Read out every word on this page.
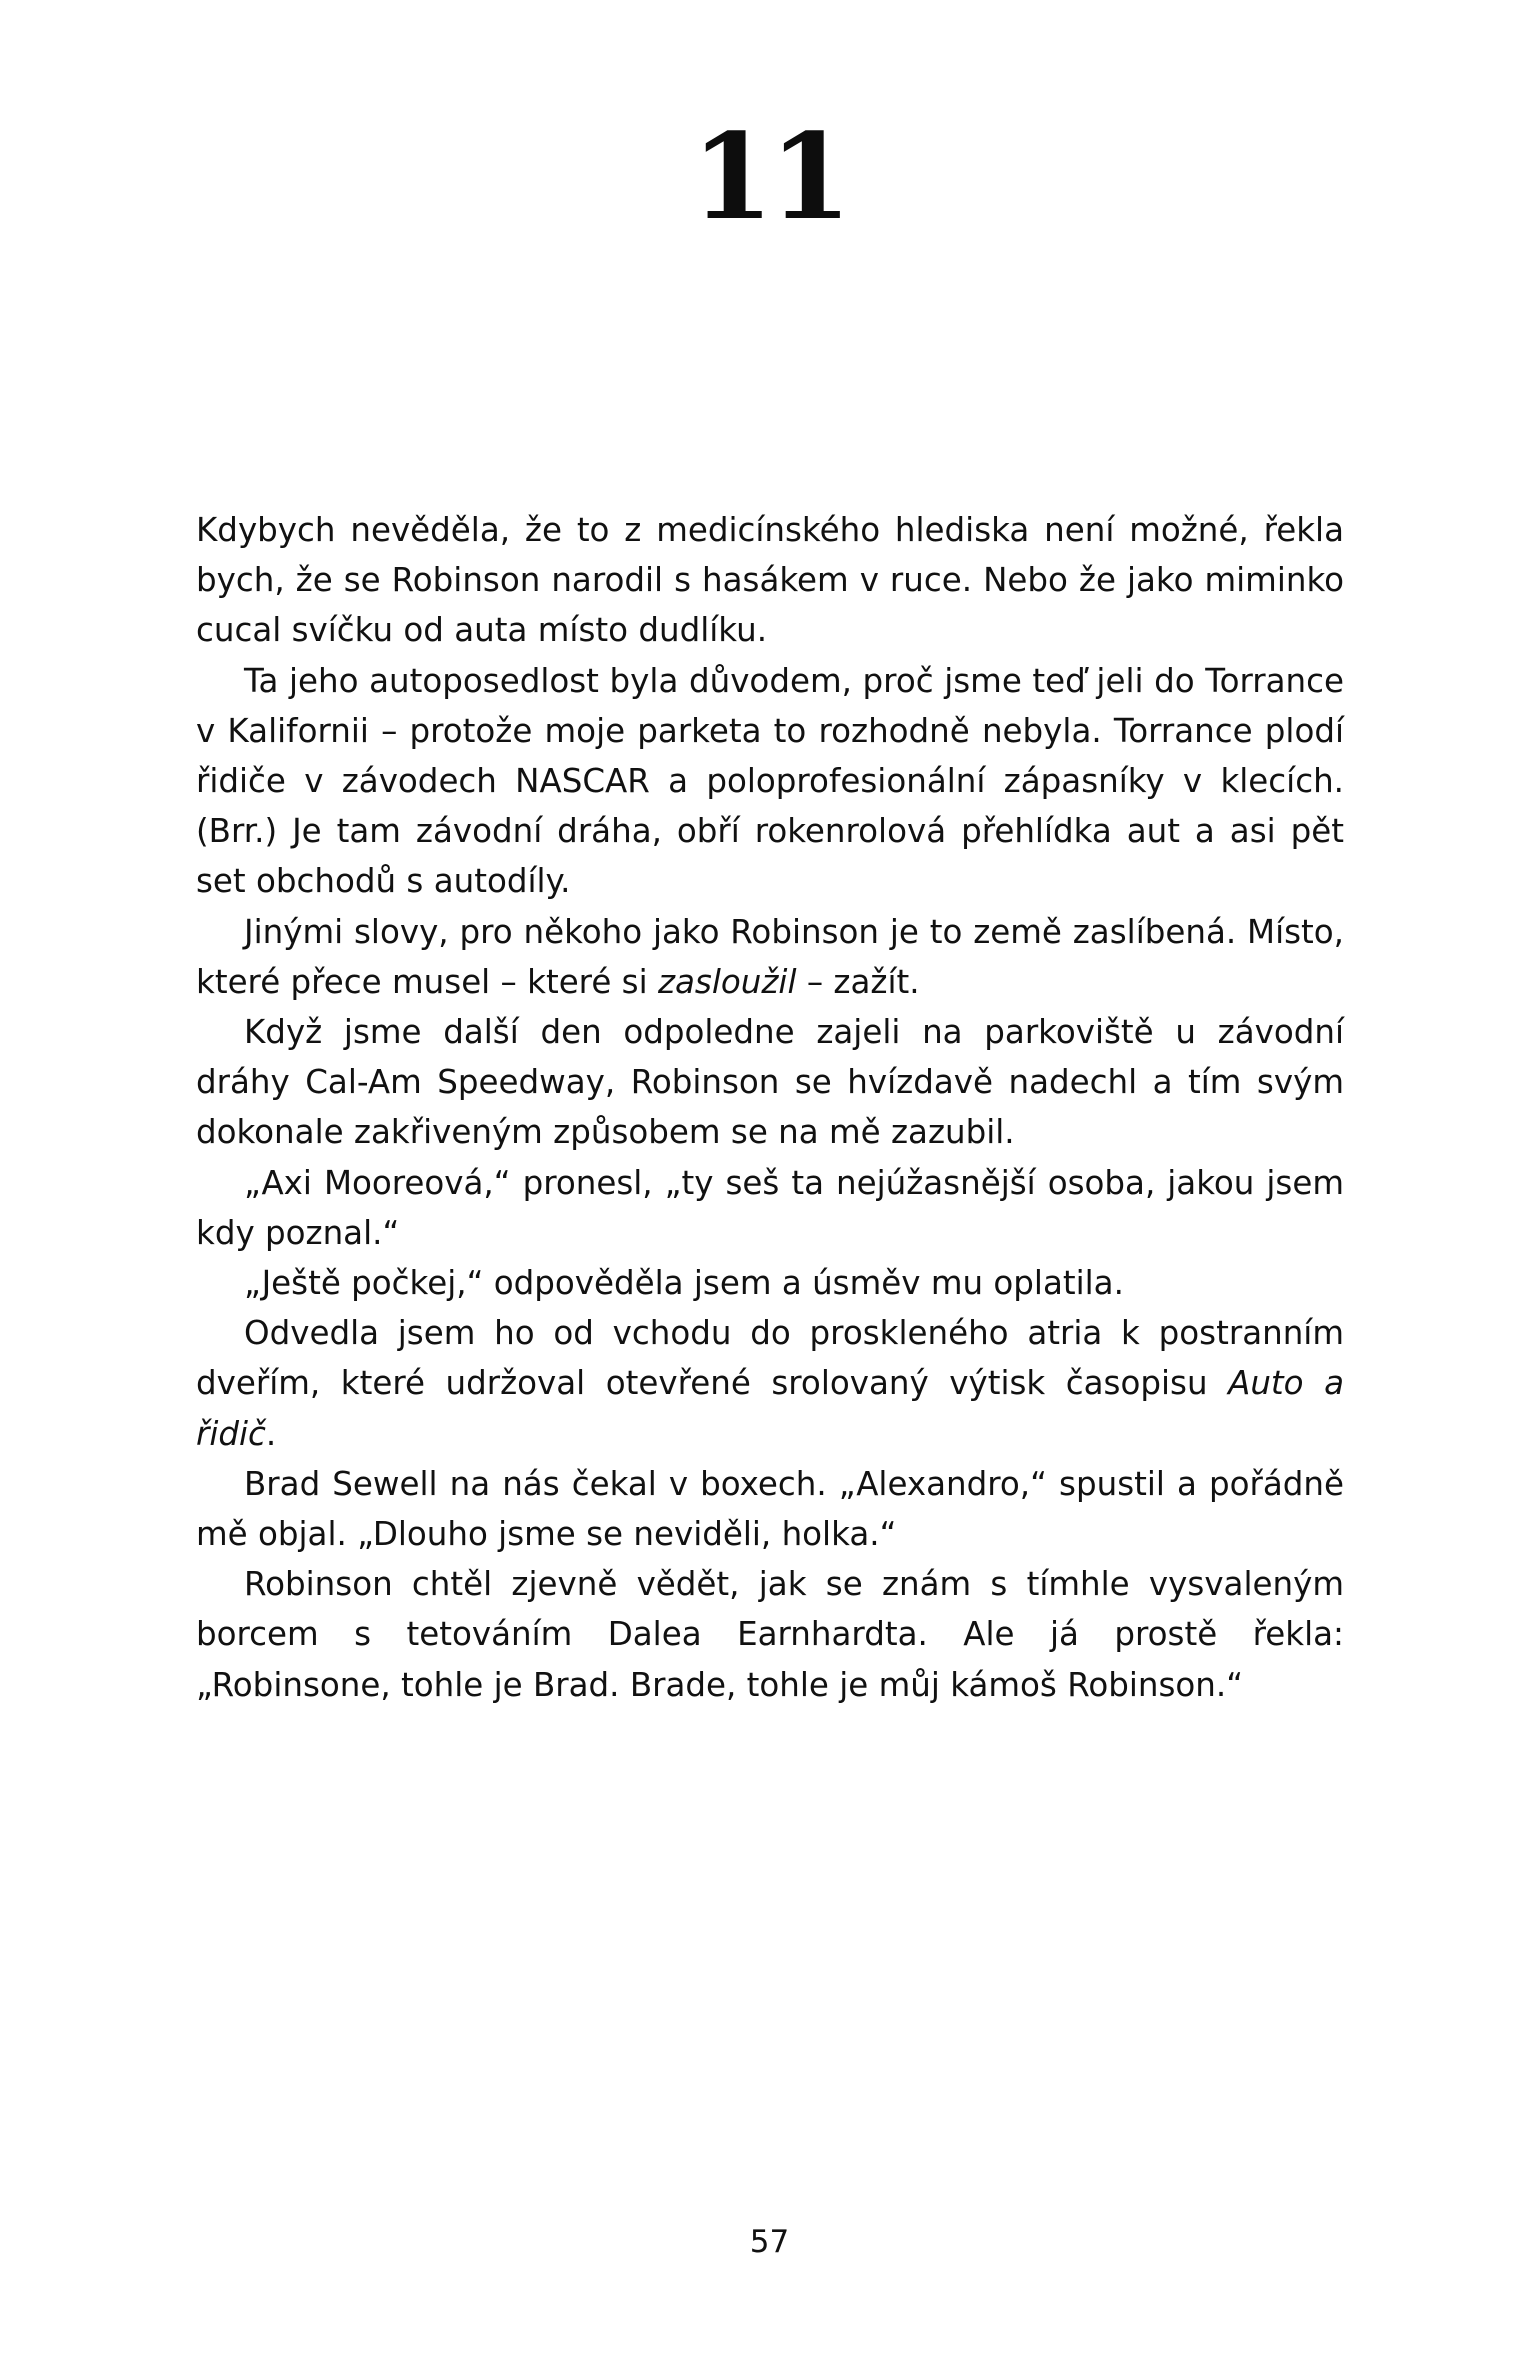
11

Kdybych nevěděla, že to z medicínského hlediska není možné, řekla bych, že se Robinson narodil s hasákem v ruce. Nebo že jako miminko cucal svíčku od auta místo dudlíku.

Ta jeho autoposedlost byla důvodem, proč jsme teď jeli do Torrance v Kalifornii – protože moje parketa to rozhodně nebyla. Torrance plodí řidiče v závodech NASCAR a poloprofesionální zápasníky v klecích. (Brr.) Je tam závodní dráha, obří rokenrolová přehlídka aut a asi pět set obchodů s autodíly.

Jinými slovy, pro někoho jako Robinson je to země zaslíbená. Místo, které přece musel – které si zasloužil – zažít.

Když jsme další den odpoledne zajeli na parkoviště u závodní dráhy Cal-Am Speedway, Robinson se hvízdavě nadechl a tím svým dokonale zakřiveným způsobem se na mě zazubil.

„Axi Mooreová,“ pronesl, „ty seš ta nejúžasnější osoba, jakou jsem kdy poznal.“

„Ještě počkej,“ odpověděla jsem a úsměv mu oplatila.

Odvedla jsem ho od vchodu do proskleného atria k postranním dveřím, které udržoval otevřené srolovaný výtisk časopisu Auto a řidič.

Brad Sewell na nás čekal v boxech. „Alexandro,“ spustil a pořádně mě objal. „Dlouho jsme se neviděli, holka.“

Robinson chtěl zjevně vědět, jak se znám s tímhle vysvaleným borcem s tetováním Dalea Earnhardta. Ale já prostě řekla: „Robinsone, tohle je Brad. Brade, tohle je můj kámoš Robinson.“

57
